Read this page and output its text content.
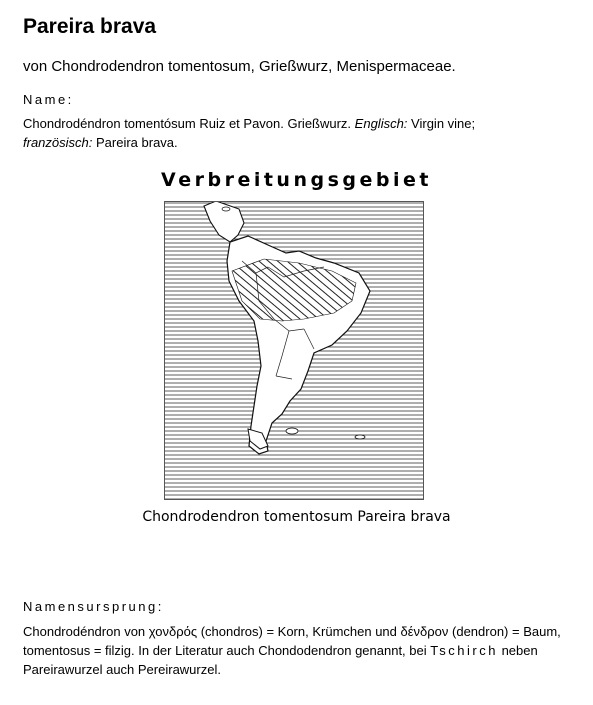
Pareira brava
von Chondrodendron tomentosum, Grießwurz, Menispermaceae.
Name:
Chondrodéndron tomentósum Ruiz et Pavon. Grießwurz. Englisch: Virgin vine;
französisch: Pareira brava.
Verbreitungsgebiet
Chondrodendron tomentosum Pareira brava
Namensursprung:
Chondrodéndron von χονδρός (chondros) = Korn, Krümchen und δένδρον (dendron) = Baum, tomentosus = filzig. In der Literatur auch Chondodendron genannt, bei Tschirch neben Pareirawurzel auch Pereirawurzel.
